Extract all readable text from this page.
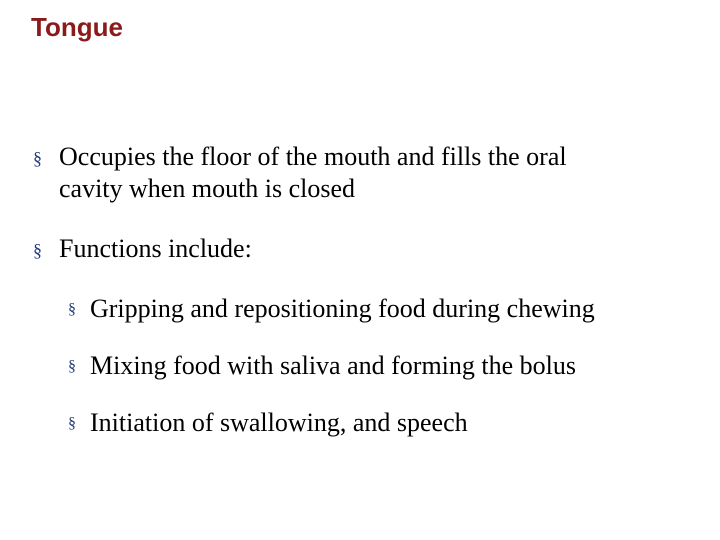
Tongue
§ Occupies the floor of the mouth and fills the oral
cavity when mouth is closed
§ Functions include:
§ Gripping and repositioning food during chewing
§ Mixing food with saliva and forming the bolus
§ Initiation of swallowing, and speech
